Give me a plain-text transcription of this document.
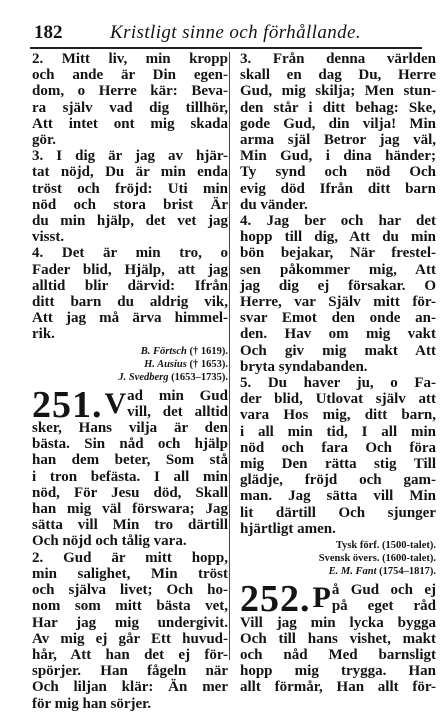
182	Kristligt sinne och förhållande.
2. Mitt liv, min kropp
och ande är Din egen-
dom, o Herre kär: Beva-
ra själv vad dig tillhör,
Att intet ont mig skada
gör.
3. I dig är jag av hjär-
tat nöjd, Du är min enda
tröst och fröjd: Uti min
nöd och stora brist Är
du min hjälp, det vet jag
visst.
4. Det är min tro, o
Fader blid, Hjälp, att jag
alltid blir därvid: Ifrån
ditt barn du aldrig vik,
Att jag må ärva himmel-
rik.
B. Förtsch († 1619).
H. Ausius († 1653).
J. Svedberg (1653–1735).
251. V ad min Gud
vill, det alltid
sker, Hans vilja är den
bästa. Sin nåd och hjälp
han dem beter, Som stå
i tron befästa. I all min
nöd, För Jesu död, Skall
han mig väl förswara; Jag
sätta vill Min tro därtill
Och nöjd och tålig vara.
2. Gud är mitt hopp,
min salighet, Min tröst
och själva livet; Och ho-
nom som mitt bästa vet,
Har jag mig undergivit.
Av mig ej går Ett huvud-
hår, Att han det ej för-
spörjer. Han fågeln när
Och liljan klär: Än mer
för mig han sörjer.
3. Från denna världen
skall en dag Du, Herre
Gud, mig skilja; Men stun-
den står i ditt behag: Ske,
gode Gud, din vilja! Min
arma själ Betror jag väl,
Min Gud, i dina händer;
Ty synd och nöd Och
evig död Ifrån ditt barn
du vänder.
4. Jag ber och har det
hopp till dig, Att du min
bön bejakar, När frestel-
sen påkommer mig, Att
jag dig ej försakar. O
Herre, var Själv mitt för-
svar Emot den onde an-
den. Hav om mig vakt
Och giv mig makt Att
bryta syndabanden.
5. Du haver ju, o Fa-
der blid, Utlovat själv att
vara Hos mig, ditt barn,
i all min tid, I all min
nöd och fara Och föra
mig Den rätta stig Till
glädje, fröjd och gam-
man. Jag sätta vill Min
lit därtill Och sjunger
hjärtligt amen.
Tysk förf. (1500-talet).
Svensk övers. (1600-talet).
E. M. Fant (1754–1817).
252. P å Gud och ej
på eget råd
Vill jag min lycka bygga
Och till hans vishet, makt
och nåd Med barnsligt
hopp mig trygga. Han
allt förmår, Han allt för-
